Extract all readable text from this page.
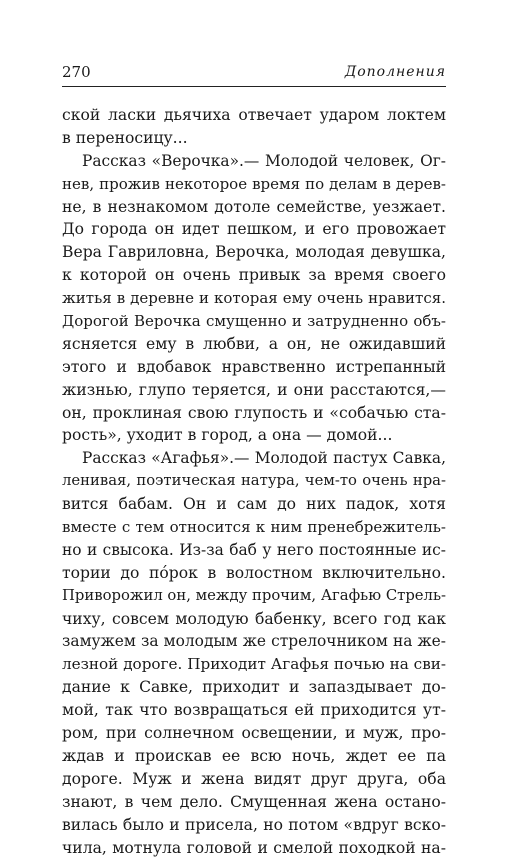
270	Дополнения
ской ласки дьячиха отвечает ударом локтем
в переносицу...
Рассказ «Верочка».— Молодой человек, Ог-
нев, прожив некоторое время по делам в дерев-
не, в незнакомом дотоле семействе, уезжает.
До города он идет пешком, и его провожает
Вера Гавриловна, Верочка, молодая девушка,
к которой он очень привык за время своего
житья в деревне и которая ему очень нравится.
Дорогой Верочка смущенно и затрудненно объ-
ясняется ему в любви, а он, не ожидавший
этого и вдобавок нравственно истрепанный
жизнью, глупо теряется, и они расстаются,—
он, проклиная свою глупость и «собачью ста-
рость», уходит в город, а она — домой...
Рассказ «Агафья».— Молодой пастух Савка,
ленивая, поэтическая натура, чем-то очень нра-
вится бабам. Он и сам до них падок, хотя
вместе с тем относится к ним пренебрежитель-
но и свысока. Из-за баб у него постоянные ис-
тории до пόрок в волостном включительно.
Приворожил он, между прочим, Агафью Стрель-
чиху, совсем молодую бабенку, всего год как
замужем за молодым же стрелочником на же-
лезной дороге. Приходит Агафья почью на сви-
дание к Савке, приходит и запаздывает до-
мой, так что возвращаться ей приходится ут-
ром, при солнечном освещении, и муж, про-
ждав и проискав ее всю ночь, ждет ее па
дороге. Муж и жена видят друг друга, оба
знают, в чем дело. Смущенная жена остано-
вилась было и присела, но потом «вдруг вско-
чила, мотнула головой и смелой походкой на-
